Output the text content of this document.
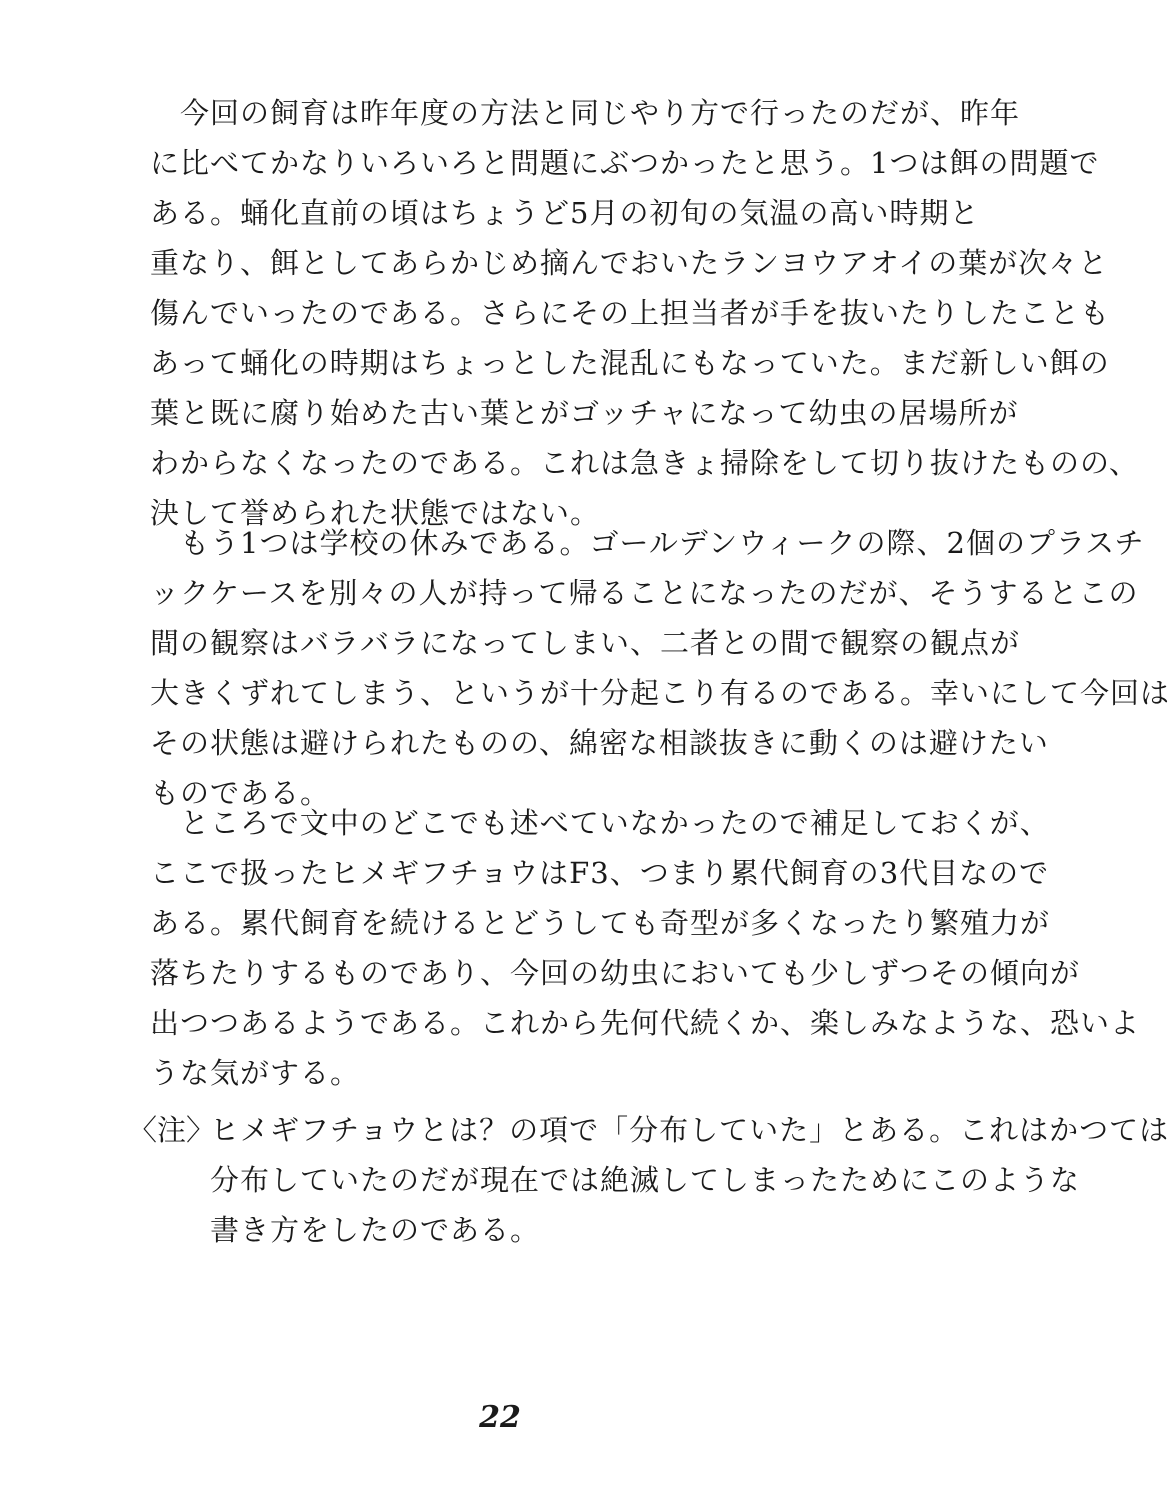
　今回の飼育は昨年度の方法と同じやり方で行ったのだが、昨年
に比べてかなりいろいろと問題にぶつかったと思う。1つは餌の問題で
ある。蛹化直前の頃はちょうど5月の初旬の気温の高い時期と
重なり、餌としてあらかじめ摘んでおいたランヨウアオイの葉が次々と
傷んでいったのである。さらにその上担当者が手を抜いたりしたことも
あって蛹化の時期はちょっとした混乱にもなっていた。まだ新しい餌の
葉と既に腐り始めた古い葉とがゴッチャになって幼虫の居場所が
わからなくなったのである。これは急きょ掃除をして切り抜けたものの、
決して誉められた状態ではない。
　もう1つは学校の休みである。ゴールデンウィークの際、2個のプラスチ
ックケースを別々の人が持って帰ることになったのだが、そうするとこの
間の観察はバラバラになってしまい、二者との間で観察の観点が
大きくずれてしまう、というが十分起こり有るのである。幸いにして今回は
その状態は避けられたものの、綿密な相談抜きに動くのは避けたい
ものである。
　ところで文中のどこでも述べていなかったので補足しておくが、
ここで扱ったヒメギフチョウはF3、つまり累代飼育の3代目なので
ある。累代飼育を続けるとどうしても奇型が多くなったり繁殖力が
落ちたりするものであり、今回の幼虫においても少しずつその傾向が
出つつあるようである。これから先何代続くか、楽しみなような、恐いよ
うな気がする。
〈注〉
ヒメギフチョウとは？の項で「分布していた」とある。これはかつては
分布していたのだが現在では絶滅してしまったためにこのような
書き方をしたのである。
22
